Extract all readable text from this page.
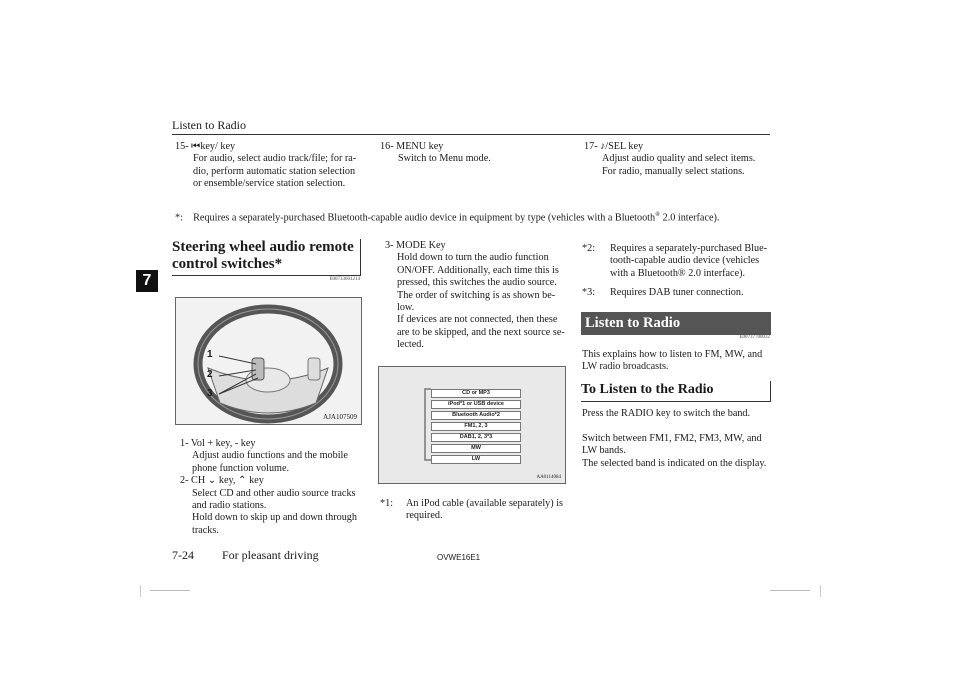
Listen to Radio
7
15- ⏮key/ key
For audio, select audio track/file; for ra-
dio, perform automatic station selection
or ensemble/service station selection.
16- MENU key
Switch to Menu mode.
17- ♪/SEL key
Adjust audio quality and select items.
For radio, manually select stations.
*: Requires a separately-purchased Bluetooth-capable audio device in equipment by type (vehicles with a Bluetooth® 2.0 interface).
Steering wheel audio remote
control switches*
E00733601214
1
2
3
AJA107509
1- Vol + key, - key
Adjust audio functions and the mobile
phone function volume.
2- CH ⌄ key, ⌃ key
Select CD and other audio source tracks
and radio stations.
Hold down to skip up and down through
tracks.
3- MODE Key
Hold down to turn the audio function
ON/OFF. Additionally, each time this is
pressed, this switches the audio source.
The order of switching is as shown be-
low.
If devices are not connected, then these
are to be skipped, and the next source se-
lected.
CD or MP3
iPod*1 or USB device
Bluetooth Audio*2
FM1, 2, 3
DAB1, 2, 3*3
MW
LW
AA0114084
*1: An iPod cable (available separately) is
required.
*2: Requires a separately-purchased Blue-
tooth-capable audio device (vehicles
with a Bluetooth® 2.0 interface).
*3: Requires DAB tuner connection.
Listen to Radio
E00737700032
This explains how to listen to FM, MW, and
LW radio broadcasts.
To Listen to the Radio
Press the RADIO key to switch the band.
Switch between FM1, FM2, FM3, MW, and
LW bands.
The selected band is indicated on the display.
7-24 For pleasant driving	OVWE16E1
